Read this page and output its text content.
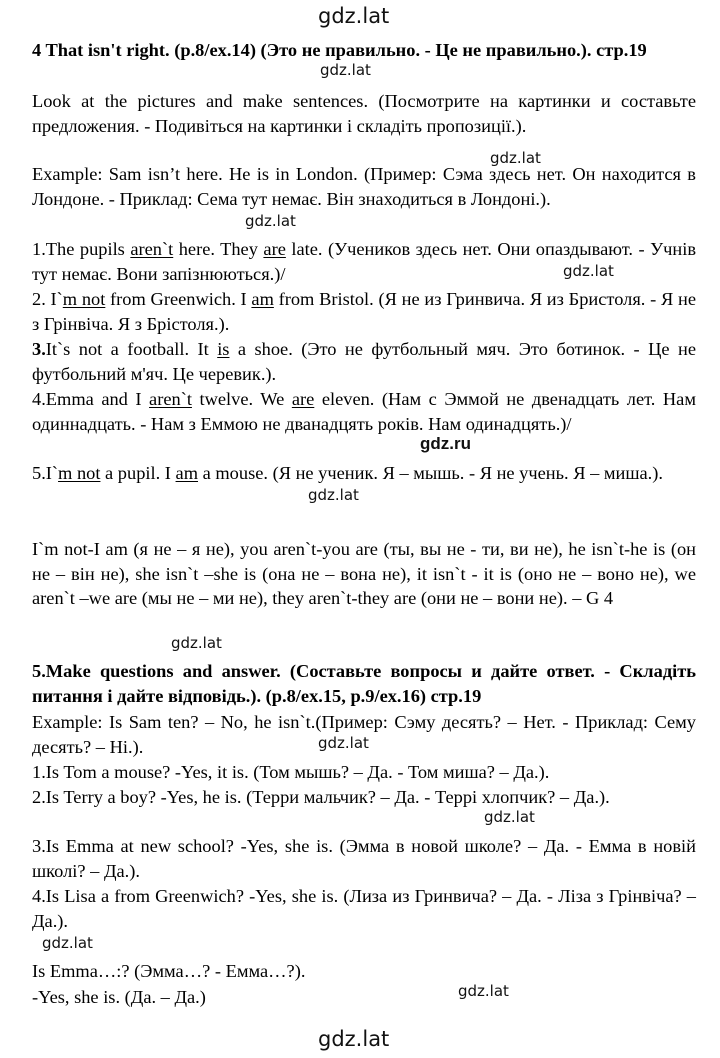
gdz.lat

4 That isn't right. (p.8/ex.14) (Это не правильно. - Це не правильно.). стр.19

Look at the pictures and make sentences. (Посмотрите на картинки и составьте предложения. - Подивіться на картинки і складіть пропозиції.).

Example: Sam isn’t here. He is in London. (Пример: Сэма здесь нет. Он находится в Лондоне. - Приклад: Сема тут немає. Він знаходиться в Лондоні.).

1.The pupils aren`t here. They are late. (Учеников здесь нет. Они опаздывают. - Учнів тут немає. Вони запізнюються.)/

2. I`m not from Greenwich. I am from Bristol. (Я не из Гринвича. Я из Бристоля. - Я не з Грінвіча. Я з Брістоля.).

3.It`s not a football. It is a shoe. (Это не футбольный мяч. Это ботинок. - Це не футбольний м'яч. Це черевик.).

4.Emma and I aren`t twelve. We are eleven. (Нам с Эммой не двенадцать лет. Нам одиннадцать. - Нам з Еммою не дванадцять років. Нам одинадцять.)/

5.I`m not a pupil. I am a mouse. (Я не ученик. Я – мышь. - Я не учень. Я – миша.).

I`m not-I am (я не – я не), you aren`t-you are (ты, вы не - ти, ви не), he isn`t-he is (он не – він не), she isn`t –she is (она не – вона не), it isn`t - it is (оно не – воно не), we aren`t –we are (мы не – ми не), they aren`t-they are (они не – вони не). – G 4

5.Make questions and answer. (Составьте вопросы и дайте ответ. - Складіть питання і дайте відповідь.). (p.8/ex.15, p.9/ex.16) стр.19

Example: Is Sam ten? – No, he isn`t.(Пример: Сэму десять? – Нет. - Приклад: Сему десять? – Ні.).

1.Is Tom a mouse? -Yes, it is. (Том мышь? – Да. - Том миша? – Да.).

2.Is Terry a boy? -Yes, he is. (Терри мальчик? – Да. - Террі хлопчик? – Да.).

3.Is Emma at new school? -Yes, she is. (Эмма в новой школе? – Да. - Емма в новій школі? – Да.).

4.Is Lisa a from Greenwich? -Yes, she is. (Лиза из Гринвича? – Да. - Ліза з Грінвіча? – Да.).

Is Emma…:? (Эмма…? - Емма…?).

-Yes, she is. (Да. – Да.)

gdz.lat
gdz.lat
gdz.lat
gdz.lat
gdz.ru
gdz.lat
gdz.lat
gdz.lat
gdz.lat
gdz.lat
gdz.lat
gdz.lat
